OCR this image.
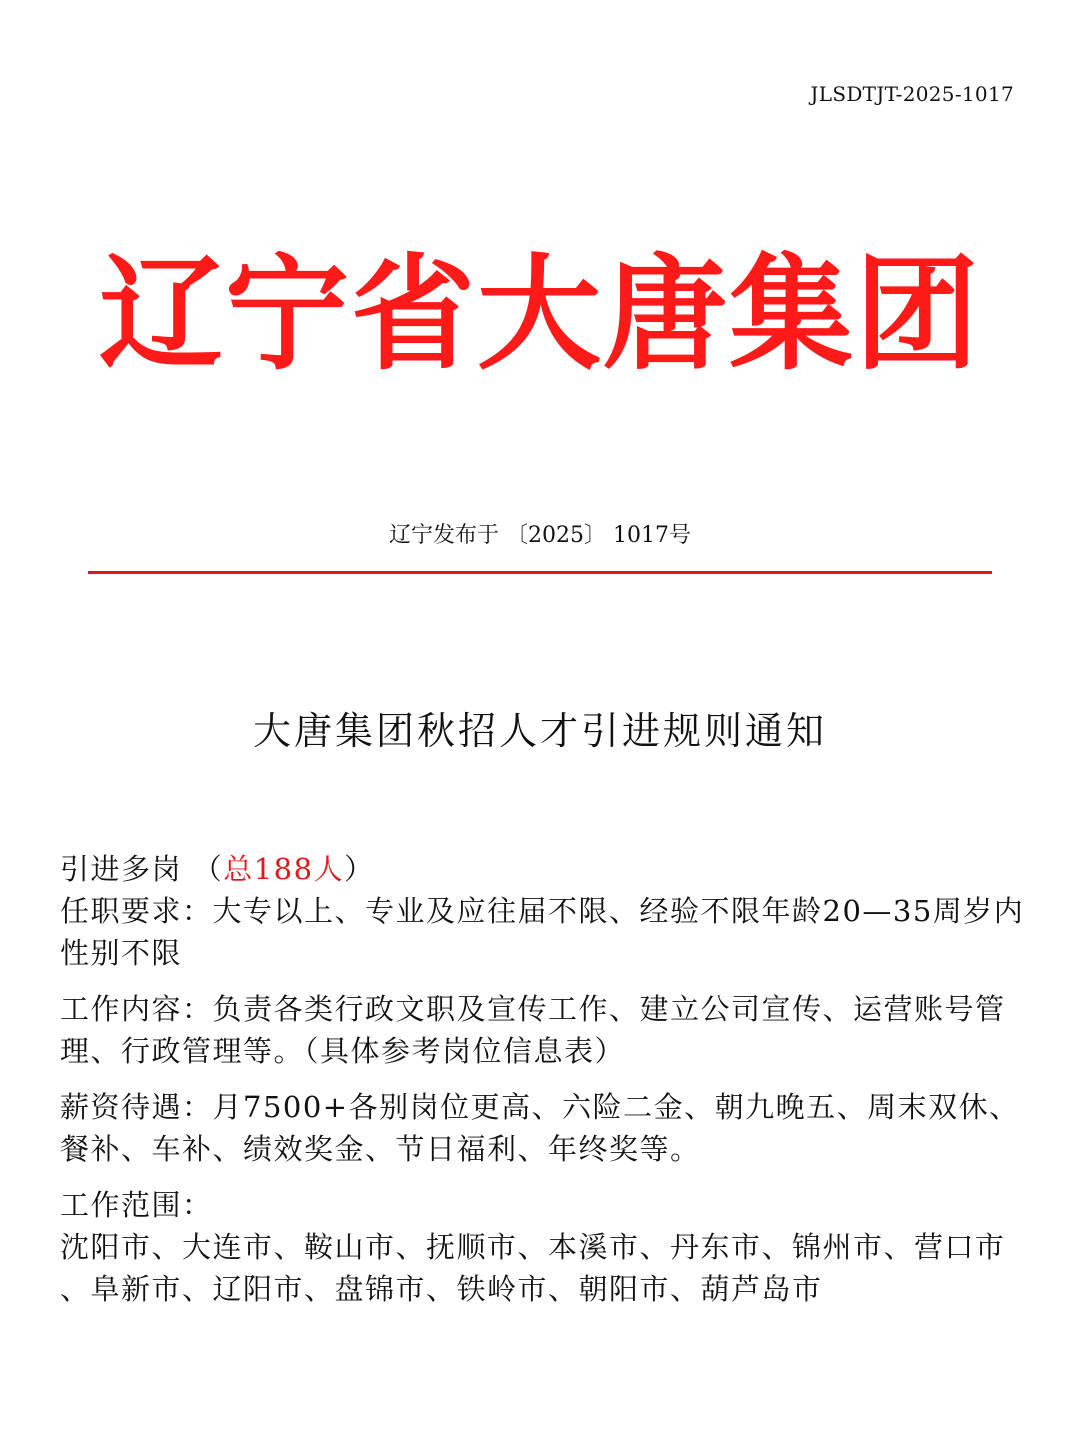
JLSDTJT-2025-1017
辽宁省大唐集团
辽宁发布于 〔2025〕 1017号
大唐集团秋招人才引进规则通知

引进多岗 （总188人）

任职要求：大专以上、专业及应往届不限、经验不限年龄20—35周岁内性别不限

工作内容：负责各类行政文职及宣传工作、建立公司宣传、运营账号管理、行政管理等。（具体参考岗位信息表）

薪资待遇：月7500+各别岗位更高、六险二金、朝九晚五、周末双休、餐补、车补、绩效奖金、节日福利、年终奖等。

工作范围：

沈阳市、大连市、鞍山市、抚顺市、本溪市、丹东市、锦州市、营口市

、阜新市、辽阳市、盘锦市、铁岭市、朝阳市、葫芦岛市
